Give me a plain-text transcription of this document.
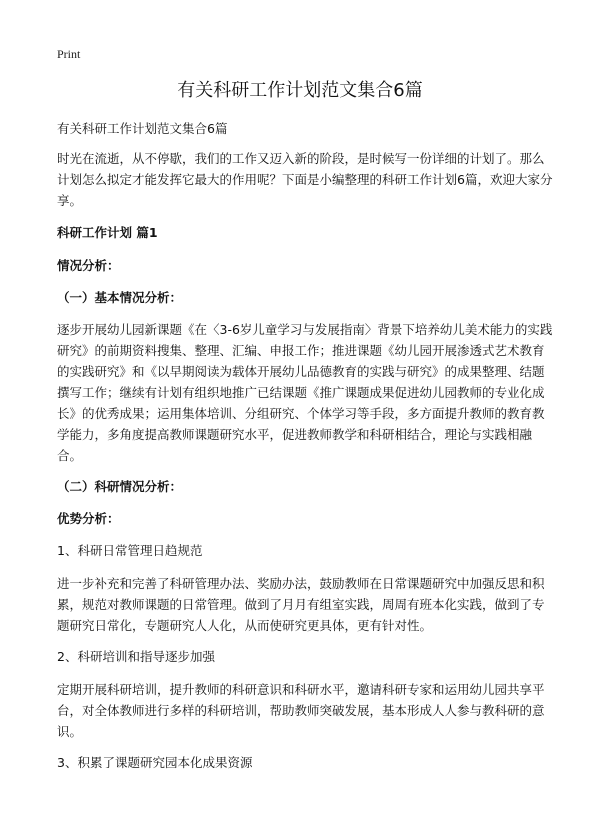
Print
有关科研工作计划范文集合6篇

有关科研工作计划范文集合6篇

时光在流逝，从不停歇，我们的工作又迈入新的阶段，是时候写一份详细的计划了。那么计划怎么拟定才能发挥它最大的作用呢？下面是小编整理的科研工作计划6篇，欢迎大家分享。

科研工作计划 篇1

情况分析：

（一）基本情况分析：

逐步开展幼儿园新课题《在〈3-6岁儿童学习与发展指南〉背景下培养幼儿美术能力的实践研究》的前期资料搜集、整理、汇编、申报工作；推进课题《幼儿园开展渗透式艺术教育的实践研究》和《以早期阅读为载体开展幼儿品德教育的实践与研究》的成果整理、结题撰写工作；继续有计划有组织地推广已结课题《推广课题成果促进幼儿园教师的专业化成长》的优秀成果；运用集体培训、分组研究、个体学习等手段，多方面提升教师的教育教学能力，多角度提高教师课题研究水平，促进教师教学和科研相结合，理论与实践相融合。

（二）科研情况分析：

优势分析：

1、科研日常管理日趋规范

进一步补充和完善了科研管理办法、奖励办法，鼓励教师在日常课题研究中加强反思和积累，规范对教师课题的日常管理。做到了月月有组室实践，周周有班本化实践，做到了专题研究日常化，专题研究人人化，从而使研究更具体，更有针对性。

2、科研培训和指导逐步加强

定期开展科研培训，提升教师的科研意识和科研水平，邀请科研专家和运用幼儿园共享平台，对全体教师进行多样的科研培训，帮助教师突破发展，基本形成人人参与教科研的意识。

3、积累了课题研究园本化成果资源
